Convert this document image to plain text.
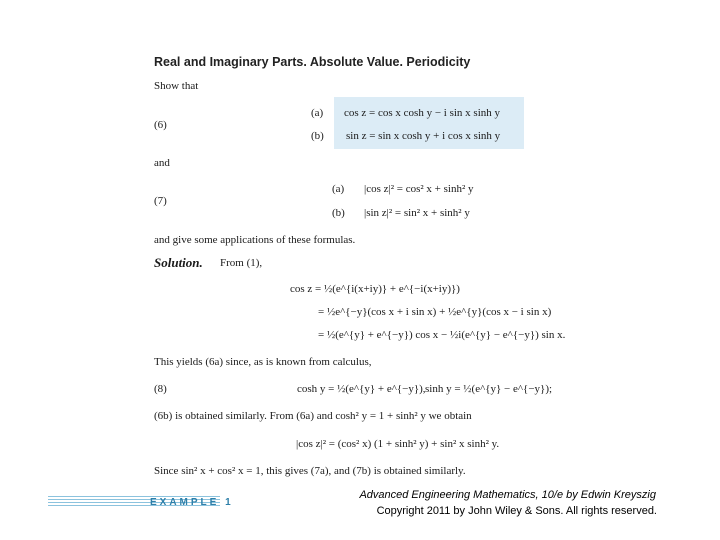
Real and Imaginary Parts. Absolute Value. Periodicity
Show that
(6)
(a) cos z = cos x cosh y − i sin x sinh y
(b) sin z = sin x cosh y + i cos x sinh y
and
(7)
(a) |cos z|² = cos² x + sinh² y
(b) |sin z|² = sin² x + sinh² y
and give some applications of these formulas.
Solution. From (1),
cos z = ½(e^{i(x+iy)} + e^{−i(x+iy)})
= ½e^{−y}(cos x + i sin x) + ½e^{y}(cos x − i sin x)
= ½(e^{y} + e^{−y}) cos x − ½i(e^{y} − e^{−y}) sin x.
This yields (6a) since, as is known from calculus,
(8)	cosh y = ½(e^{y} + e^{−y}), sinh y = ½(e^{y} − e^{−y});
(6b) is obtained similarly. From (6a) and cosh² y = 1 + sinh² y we obtain
|cos z|² = (cos² x) (1 + sinh² y) + sin² x sinh² y.
Since sin² x + cos² x = 1, this gives (7a), and (7b) is obtained similarly.
EXAMPLE 1
Advanced Engineering Mathematics, 10/e by Edwin Kreyszig
Copyright 2011 by John Wiley & Sons. All rights reserved.
